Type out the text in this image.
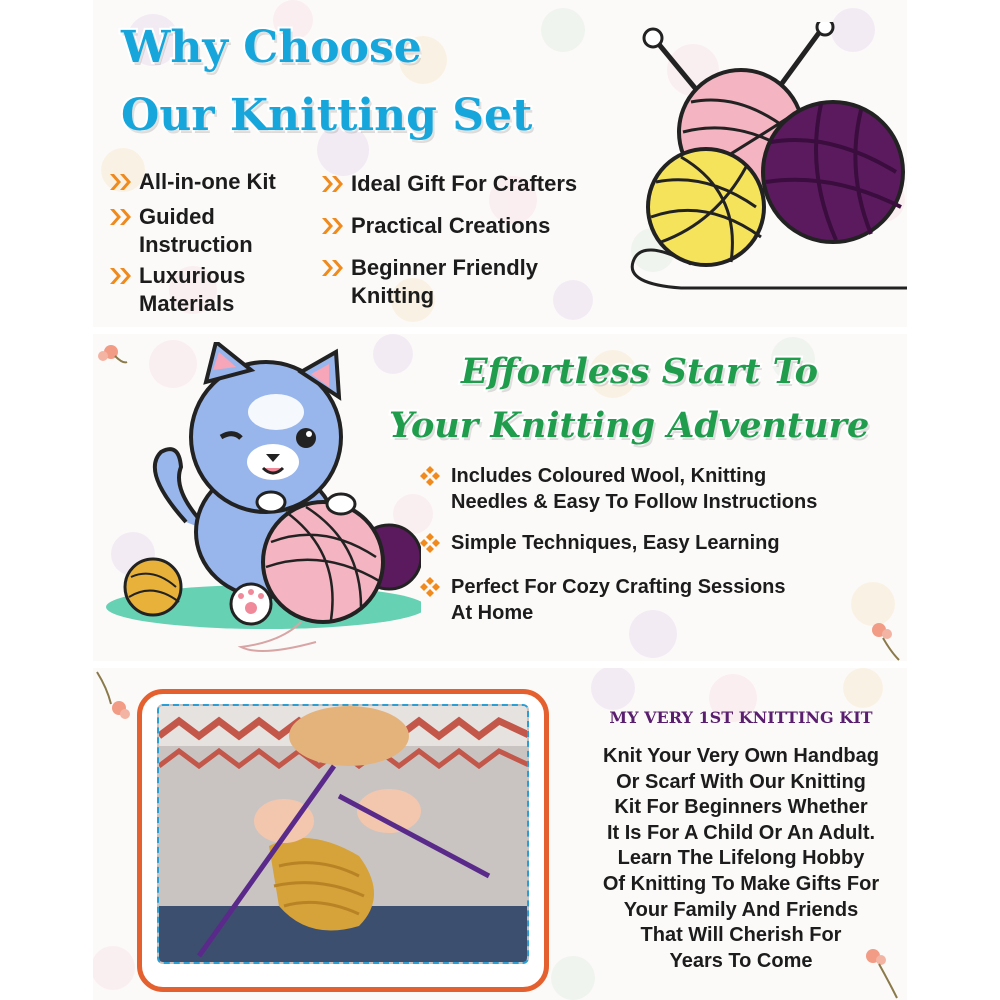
Why Choose
Our Knitting Set
All-in-one Kit
Guided
Instruction
Luxurious
Materials
Ideal Gift For Crafters
Practical Creations
Beginner Friendly
Knitting
Effortless Start To
Your Knitting Adventure
Includes Coloured Wool, Knitting
Needles & Easy To Follow Instructions
Simple Techniques, Easy Learning
Perfect For Cozy Crafting Sessions
At Home
MY VERY 1ST KNITTING KIT
Knit Your Very Own Handbag
Or Scarf With Our Knitting
Kit For Beginners Whether
It Is For A Child Or An Adult.
Learn The Lifelong Hobby
Of Knitting To Make Gifts For
Your Family And Friends
That Will Cherish For
Years To Come
